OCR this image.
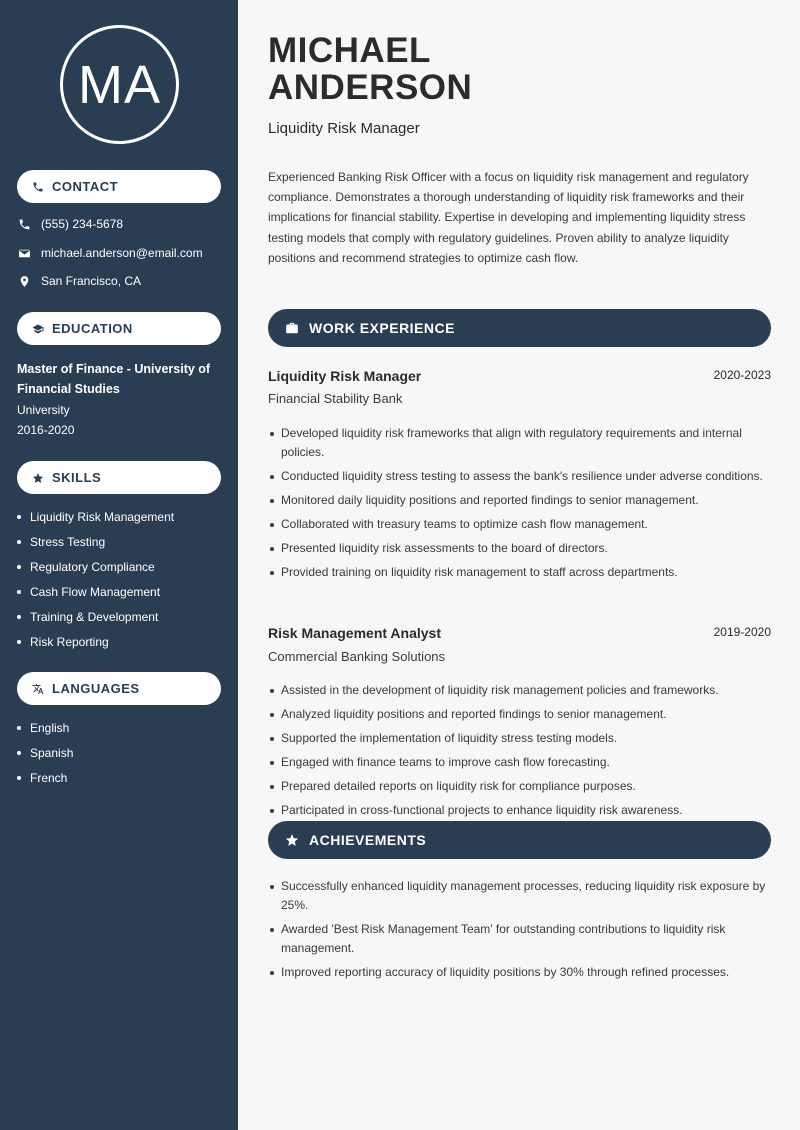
MA
CONTACT
(555) 234-5678
michael.anderson@email.com
San Francisco, CA
EDUCATION
Master of Finance - University of Financial Studies
University
2016-2020
SKILLS
Liquidity Risk Management
Stress Testing
Regulatory Compliance
Cash Flow Management
Training & Development
Risk Reporting
LANGUAGES
English
Spanish
French
MICHAEL
ANDERSON
Liquidity Risk Manager
Experienced Banking Risk Officer with a focus on liquidity risk management and regulatory compliance. Demonstrates a thorough understanding of liquidity risk frameworks and their implications for financial stability. Expertise in developing and implementing liquidity stress testing models that comply with regulatory guidelines. Proven ability to analyze liquidity positions and recommend strategies to optimize cash flow.
WORK EXPERIENCE
Liquidity Risk Manager	2020-2023
Financial Stability Bank
Developed liquidity risk frameworks that align with regulatory requirements and internal policies.
Conducted liquidity stress testing to assess the bank's resilience under adverse conditions.
Monitored daily liquidity positions and reported findings to senior management.
Collaborated with treasury teams to optimize cash flow management.
Presented liquidity risk assessments to the board of directors.
Provided training on liquidity risk management to staff across departments.
Risk Management Analyst	2019-2020
Commercial Banking Solutions
Assisted in the development of liquidity risk management policies and frameworks.
Analyzed liquidity positions and reported findings to senior management.
Supported the implementation of liquidity stress testing models.
Engaged with finance teams to improve cash flow forecasting.
Prepared detailed reports on liquidity risk for compliance purposes.
Participated in cross-functional projects to enhance liquidity risk awareness.
ACHIEVEMENTS
Successfully enhanced liquidity management processes, reducing liquidity risk exposure by 25%.
Awarded 'Best Risk Management Team' for outstanding contributions to liquidity risk management.
Improved reporting accuracy of liquidity positions by 30% through refined processes.
